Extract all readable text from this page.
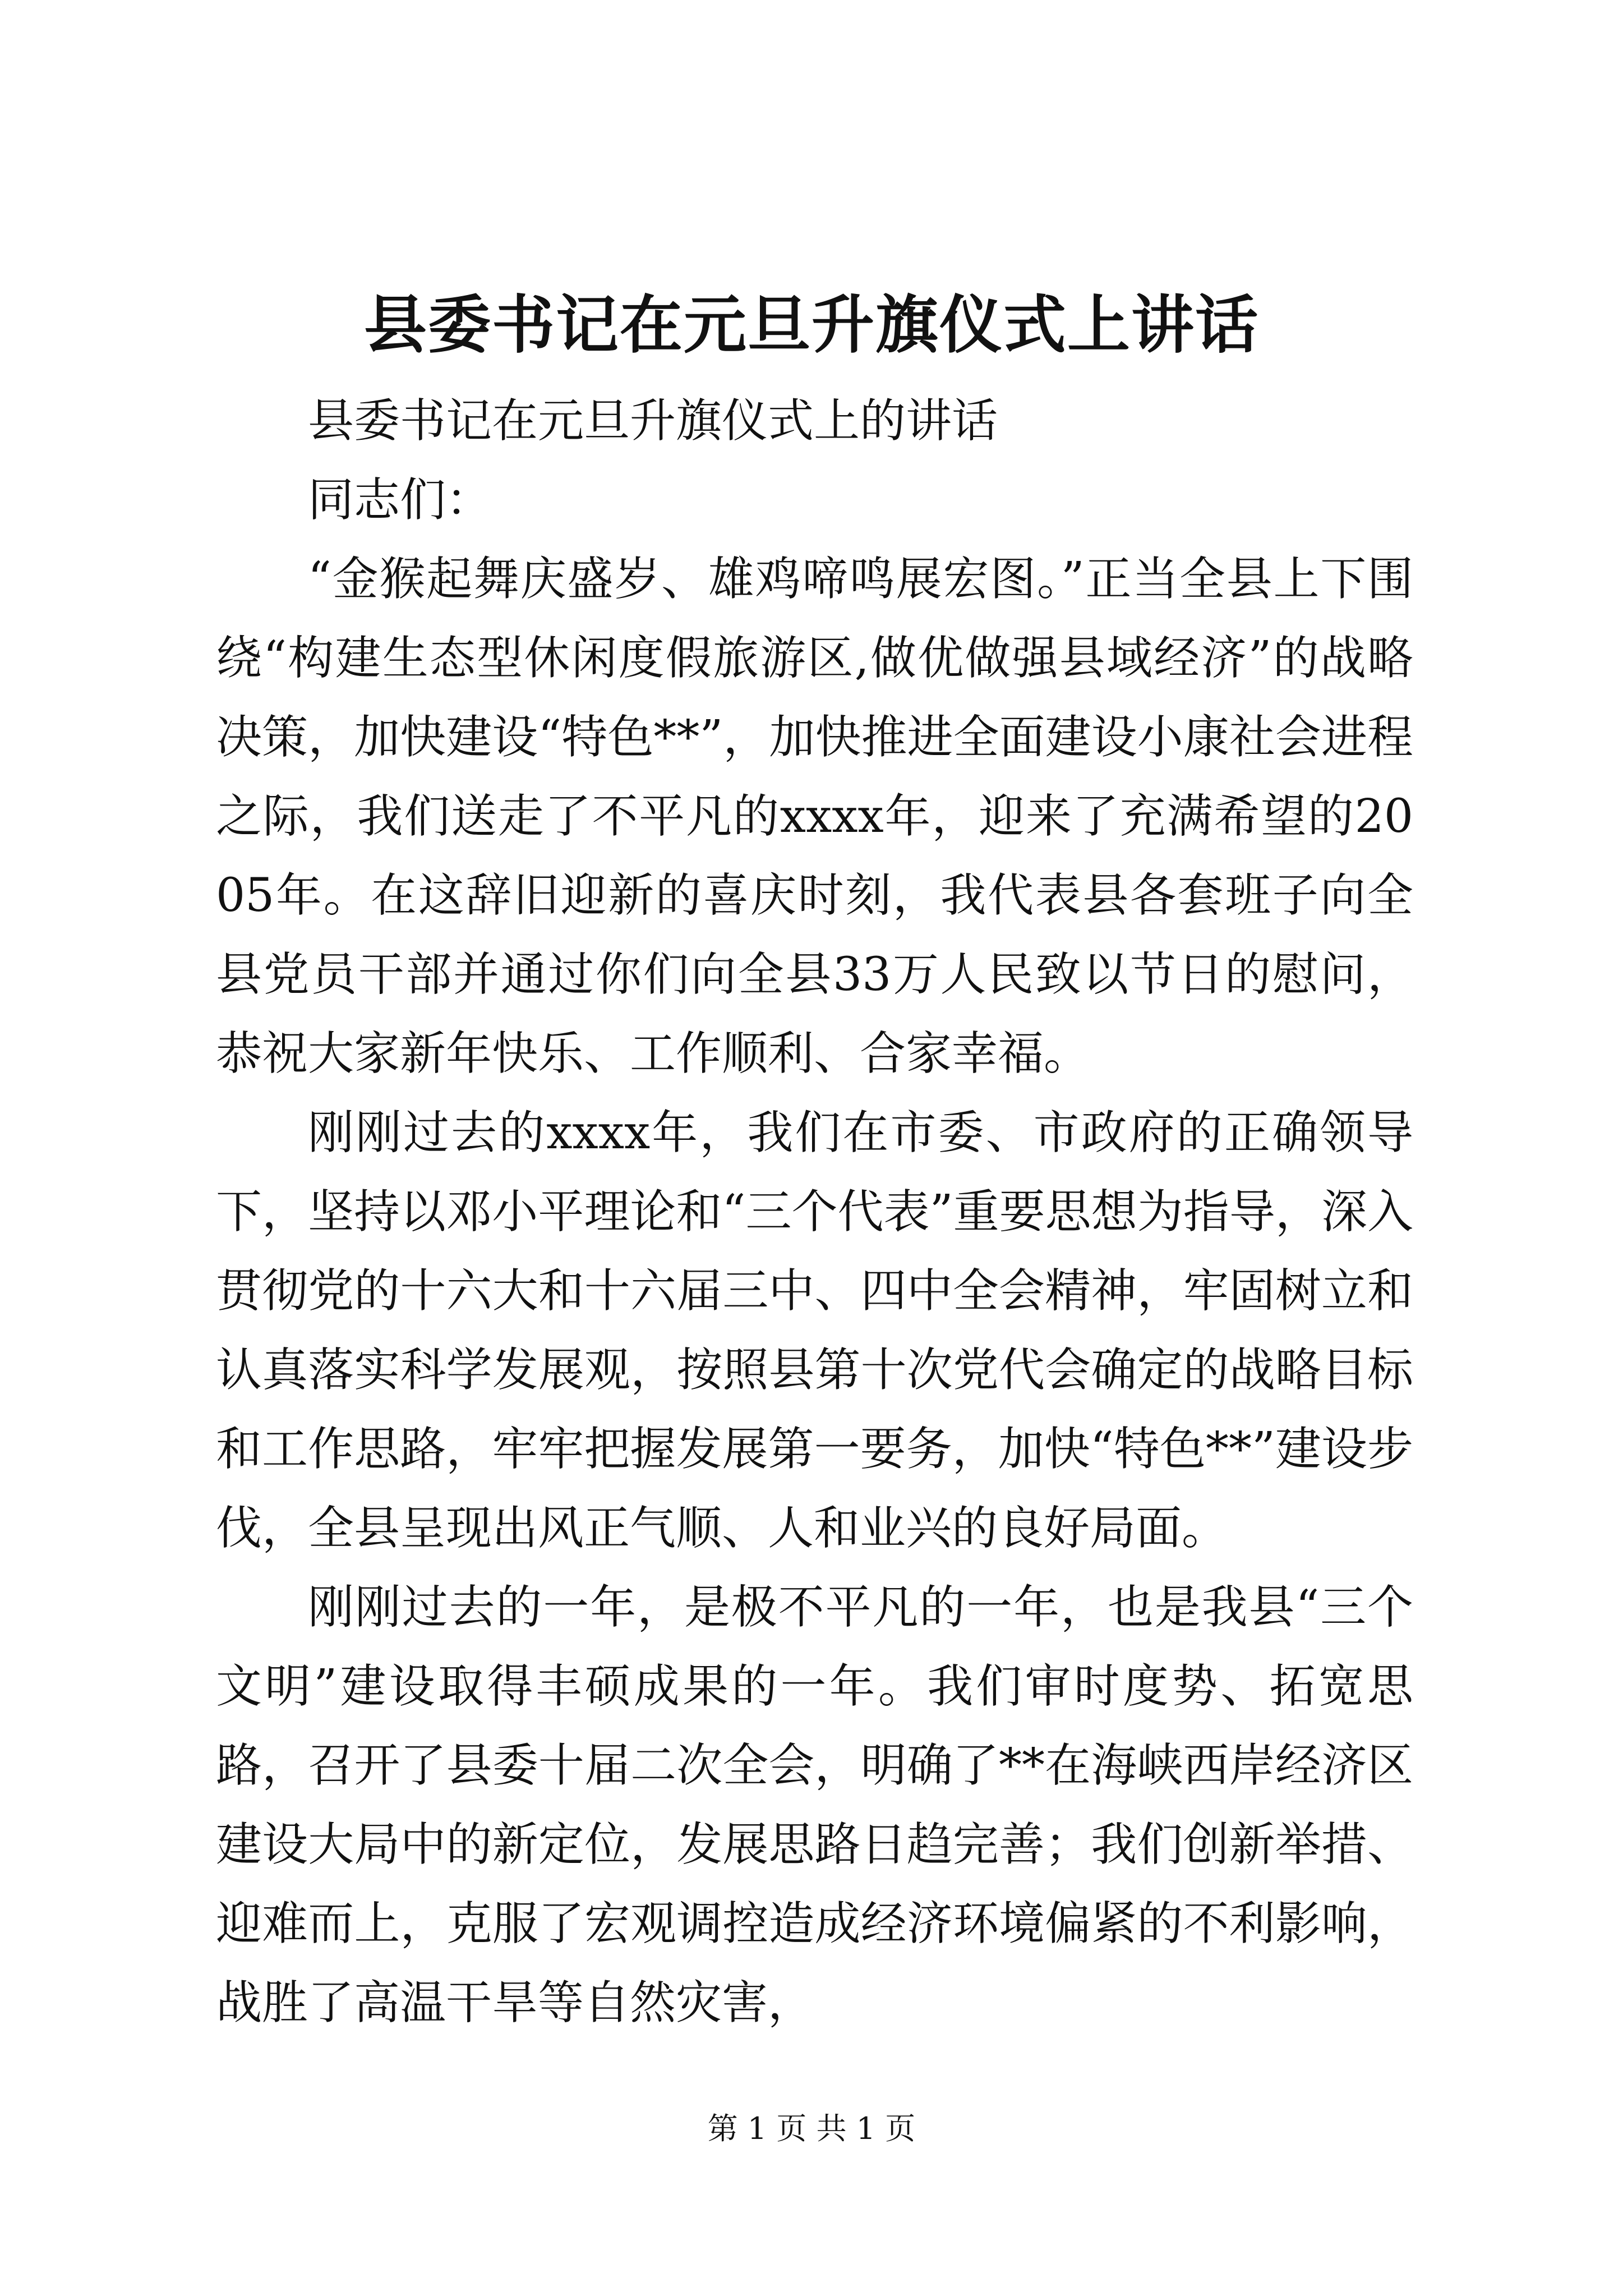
县委书记在元旦升旗仪式上讲话

县委书记在元旦升旗仪式上的讲话

同志们：

“金猴起舞庆盛岁、雄鸡啼鸣展宏图。”正当全县上下围绕“构建生态型休闲度假旅游区,做优做强县域经济”的战略决策，加快建设“特色**”，加快推进全面建设小康社会进程之际，我们送走了不平凡的xxxx年，迎来了充满希望的2005年。在这辞旧迎新的喜庆时刻，我代表县各套班子向全县党员干部并通过你们向全县33万人民致以节日的慰问，恭祝大家新年快乐、工作顺利、合家幸福。

刚刚过去的xxxx年，我们在市委、市政府的正确领导下，坚持以邓小平理论和“三个代表”重要思想为指导，深入贯彻党的十六大和十六届三中、四中全会精神，牢固树立和认真落实科学发展观，按照县第十次党代会确定的战略目标和工作思路，牢牢把握发展第一要务，加快“特色**”建设步伐，全县呈现出风正气顺、人和业兴的良好局面。

刚刚过去的一年，是极不平凡的一年，也是我县“三个文明”建设取得丰硕成果的一年。我们审时度势、拓宽思路，召开了县委十届二次全会，明确了**在海峡西岸经济区建设大局中的新定位，发展思路日趋完善；我们创新举措、迎难而上，克服了宏观调控造成经济环境偏紧的不利影响，战胜了高温干旱等自然灾害，

第 1 页 共 1 页
